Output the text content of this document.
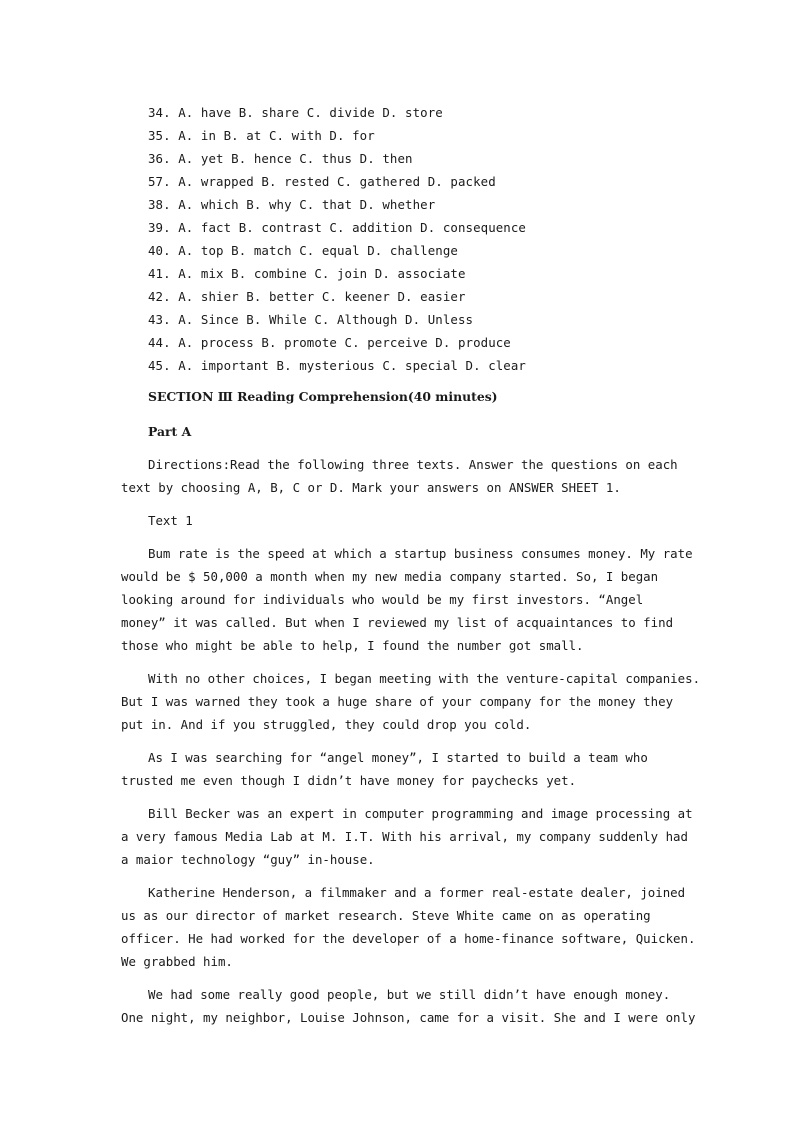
34. A. have B. share C. divide D. store
35. A. in B. at C. with D. for
36. A. yet B. hence C. thus D. then
57. A. wrapped B. rested C. gathered D. packed
38. A. which B. why C. that D. whether
39. A. fact B. contrast C. addition D. consequence
40. A. top B. match C. equal D. challenge
41. A. mix B. combine C. join D. associate
42. A. shier B. better C. keener D. easier
43. A. Since B. While C. Although D. Unless
44. A. process B. promote C. perceive D. produce
45. A. important B. mysterious C. special D. clear
SECTION Ⅲ Reading Comprehension(40 minutes)
Part A
Directions:Read the following three texts. Answer the questions on each
text by choosing A, B, C or D. Mark your answers on ANSWER SHEET 1.
Text 1
Bum rate is the speed at which a startup business consumes money. My rate
would be $ 50,000 a month when my new media company started. So, I began
looking around for individuals who would be my first investors. “Angel
money” it was called. But when I reviewed my list of acquaintances to find
those who might be able to help, I found the number got small.
With no other choices, I began meeting with the venture-capital companies.
But I was warned they took a huge share of your company for the money they
put in. And if you struggled, they could drop you cold.
As I was searching for “angel money”, I started to build a team who
trusted me even though I didn’t have money for paychecks yet.
Bill Becker was an expert in computer programming and image processing at
a very famous Media Lab at M. I.T. With his arrival, my company suddenly had
a maior technology “guy” in-house.
Katherine Henderson, a filmmaker and a former real-estate dealer, joined
us as our director of market research. Steve White came on as operating
officer. He had worked for the developer of a home-finance software, Quicken.
We grabbed him.
We had some really good people, but we still didn’t have enough money.
One night, my neighbor, Louise Johnson, came for a visit. She and I were only
